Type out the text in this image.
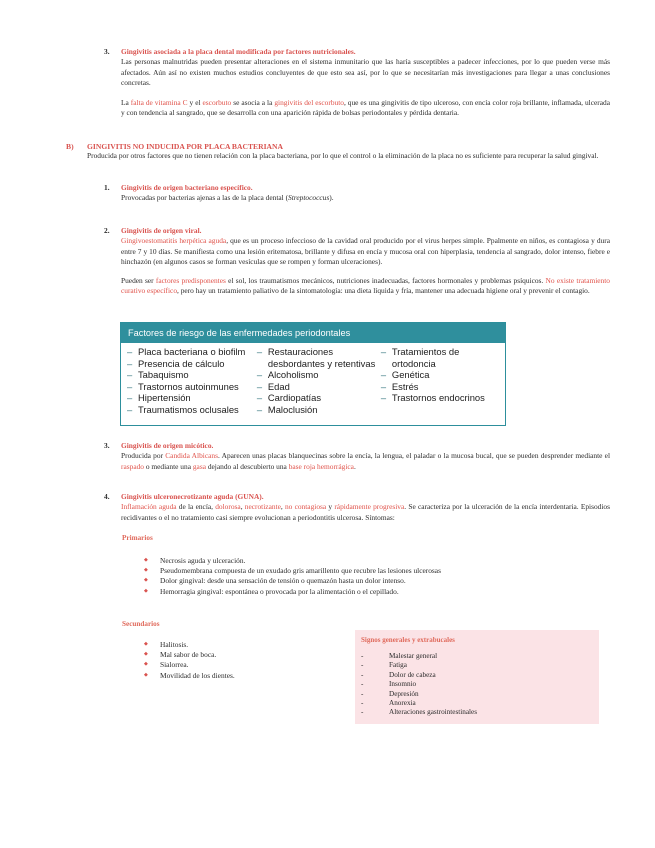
3.	Gingivitis asociada a la placa dental modificada por factores nutricionales.

Las personas malnutridas pueden presentar alteraciones en el sistema inmunitario que las haría susceptibles a padecer infecciones, por lo que pueden verse más afectados. Aún así no existen muchos estudios concluyentes de que esto sea así, por lo que se necesitarían más investigaciones para llegar a unas conclusiones concretas.

La falta de vitamina C y el escorbuto se asocia a la gingivitis del escorbuto, que es una gingivitis de tipo ulceroso, con encía color roja brillante, inflamada, ulcerada y con tendencia al sangrado, que se desarrolla con una aparición rápida de bolsas periodontales y pérdida dentaria.

B)	GINGIVITIS NO INDUCIDA POR PLACA BACTERIANA

Producida por otros factores que no tienen relación con la placa bacteriana, por lo que el control o la eliminación de la placa no es suficiente para recuperar la salud gingival.

1.	Gingivitis de origen bacteriano específico.

Provocadas por bacterias ajenas a las de la placa dental (Streptococcus).

2.	Gingivitis de origen viral.

Gingivoestomatitis herpética aguda, que es un proceso infeccioso de la cavidad oral producido por el virus herpes simple. Ppalmente en niños, es contagiosa y dura entre 7 y 10 días. Se manifiesta como una lesión eritematosa, brillante y difusa en encía y mucosa oral con hiperplasia, tendencia al sangrado, dolor intenso, fiebre e hinchazón (en algunos casos se forman vesículas que se rompen y forman ulceraciones).

Pueden ser factores predisponentes el sol, los traumatismos mecánicos, nutriciones inadecuadas, factores hormonales y problemas psíquicos. No existe tratamiento curativo específico, pero hay un tratamiento paliativo de la sintomatología: una dieta líquida y fría, mantener una adecuada higiene oral y prevenir el contagio.

Factores de riesgo de las enfermedades periodontales
– Placa bacteriana o biofilm
– Presencia de cálculo
– Tabaquismo
– Trastornos autoinmunes
– Hipertensión
– Traumatismos oclusales
– Restauraciones
desbordantes y retentivas
– Alcoholismo
– Edad
– Cardiopatías
– Maloclusión
– Tratamientos de ortodoncia
– Genética
– Estrés
– Trastornos endocrinos
3.	Gingivitis de origen micótico.

Producida por Candida Albicans. Aparecen unas placas blanquecinas sobre la encía, la lengua, el paladar o la mucosa bucal, que se pueden desprender mediante el raspado o mediante una gasa dejando al descubierto una base roja hemorrágica.

4.	Gingivitis ulceronecrotizante aguda (GUNA).

Inflamación aguda de la encía, dolorosa, necrotizante, no contagiosa y rápidamente progresiva. Se caracteriza por la ulceración de la encía interdentaria. Episodios recidivantes o el no tratamiento casi siempre evolucionan a periodontitis ulcerosa. Síntomas:

Primarios
◆ Necrosis aguda y ulceración.
◆ Pseudomembrana compuesta de un exudado gris amarillento que recubre las lesiones ulcerosas
◆ Dolor gingival: desde una sensación de tensión o quemazón hasta un dolor intenso.
◆ Hemorragia gingival: espontánea o provocada por la alimentación o el cepillado.
Secundarios
◆ Halitosis.
◆ Mal sabor de boca.
◆ Sialorrea.
◆ Movilidad de los dientes.
Signos generales y extrabucales
- Malestar general
- Fatiga
- Dolor de cabeza
- Insomnio
- Depresión
- Anorexia
- Alteraciones gastrointestinales
